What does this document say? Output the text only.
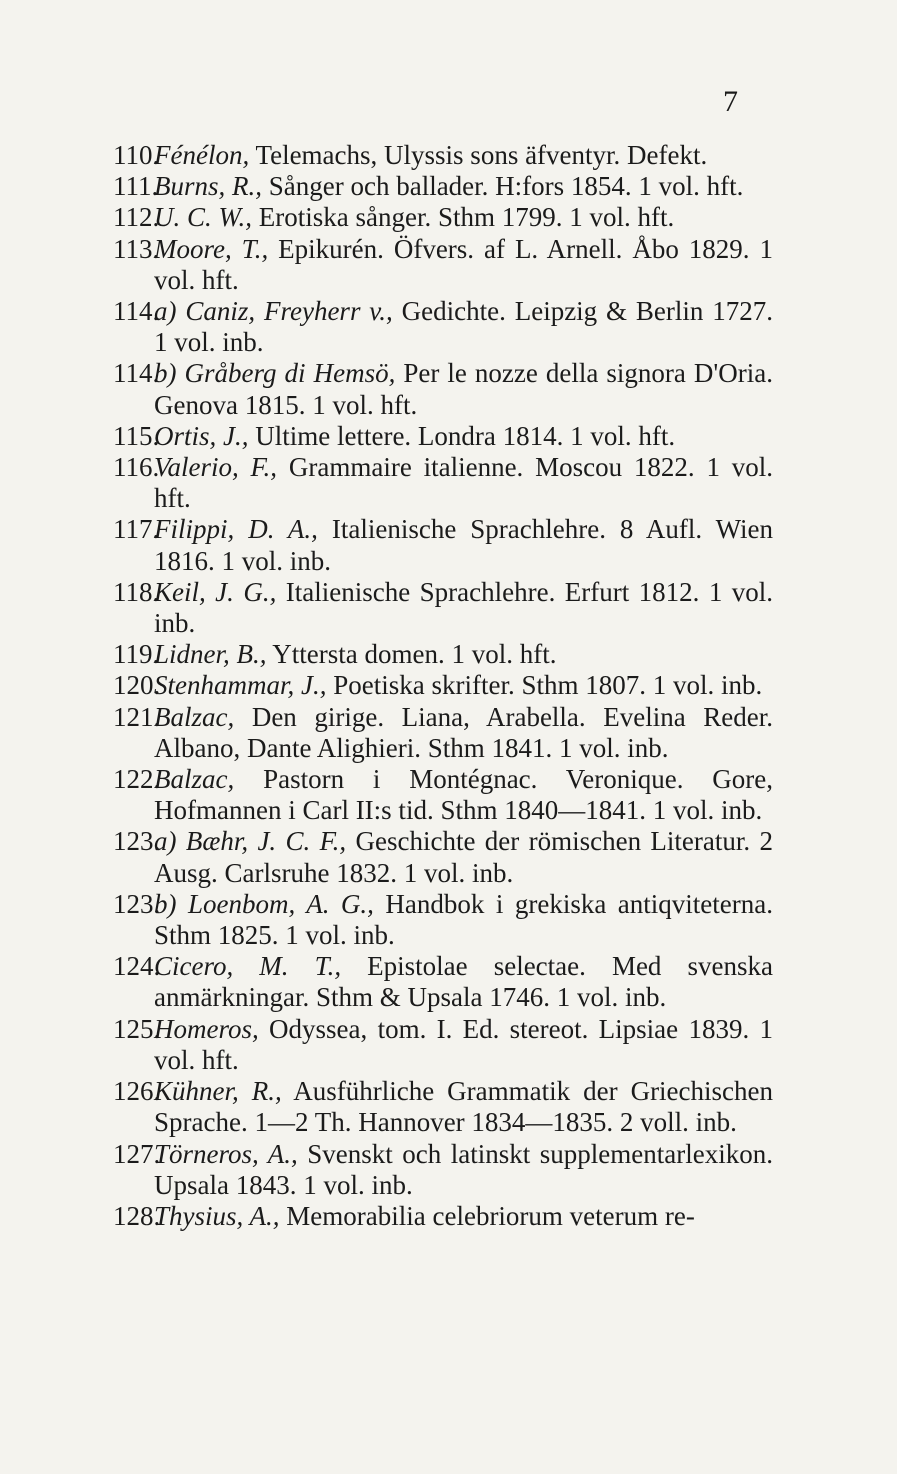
7
110.
Fénélon, Telemachs, Ulyssis sons äfventyr. Defekt.
111.
Burns, R., Sånger och ballader. H:fors 1854. 1 vol. hft.
112.
U. C. W., Erotiska sånger. Sthm 1799. 1 vol. hft.
113.
Moore, T., Epikurén. Öfvers. af L. Arnell. Åbo 1829. 1 vol. hft.
114.
a) Caniz, Freyherr v., Gedichte. Leipzig & Berlin 1727. 1 vol. inb.
114.
b) Gråberg di Hemsö, Per le nozze della signora D'Oria. Genova 1815. 1 vol. hft.
115.
Ortis, J., Ultime lettere. Londra 1814. 1 vol. hft.
116.
Valerio, F., Grammaire italienne. Moscou 1822. 1 vol. hft.
117.
Filippi, D. A., Italienische Sprachlehre. 8 Aufl. Wien 1816. 1 vol. inb.
118.
Keil, J. G., Italienische Sprachlehre. Erfurt 1812. 1 vol. inb.
119.
Lidner, B., Yttersta domen. 1 vol. hft.
120.
Stenhammar, J., Poetiska skrifter. Sthm 1807. 1 vol. inb.
121.
Balzac, Den girige. Liana, Arabella. Evelina Reder. Albano, Dante Alighieri. Sthm 1841. 1 vol. inb.
122.
Balzac, Pastorn i Montégnac. Veronique. Gore, Hofmannen i Carl II:s tid. Sthm 1840—1841. 1 vol. inb.
123.
a) Bæhr, J. C. F., Geschichte der römischen Literatur. 2 Ausg. Carlsruhe 1832. 1 vol. inb.
123.
b) Loenbom, A. G., Handbok i grekiska antiqviteterna. Sthm 1825. 1 vol. inb.
124.
Cicero, M. T., Epistolae selectae. Med svenska anmärkningar. Sthm & Upsala 1746. 1 vol. inb.
125.
Homeros, Odyssea, tom. I. Ed. stereot. Lipsiae 1839. 1 vol. hft.
126.
Kühner, R., Ausführliche Grammatik der Griechischen Sprache. 1—2 Th. Hannover 1834—1835. 2 voll. inb.
127.
Törneros, A., Svenskt och latinskt supplementarlexikon. Upsala 1843. 1 vol. inb.
128.
Thysius, A., Memorabilia celebriorum veterum re-
